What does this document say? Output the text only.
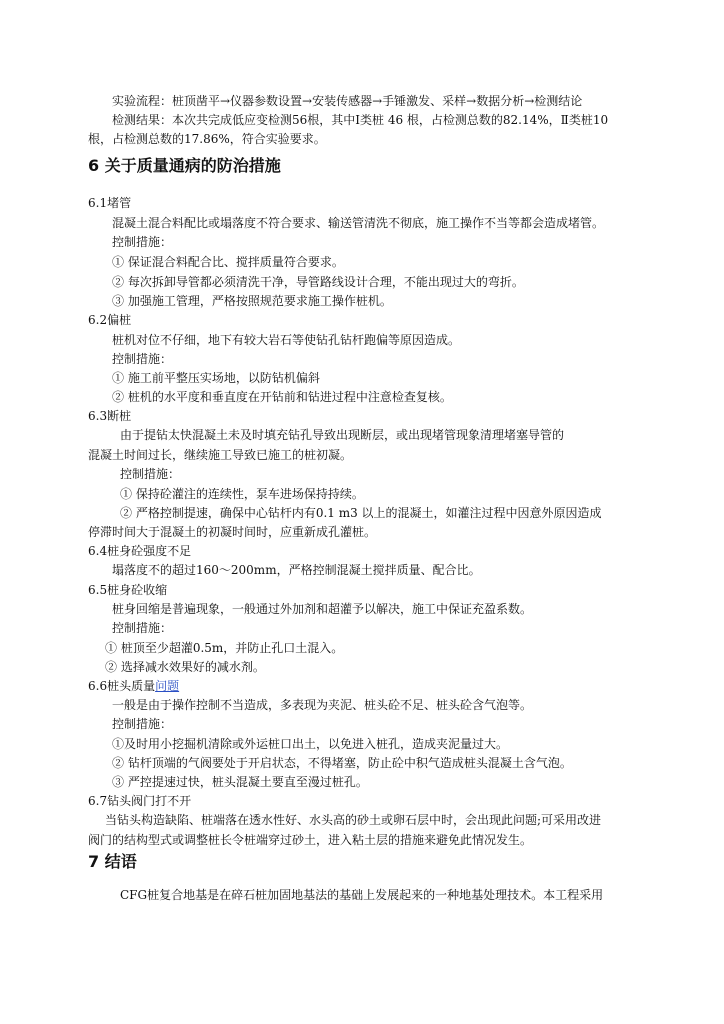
实验流程：桩顶凿平→仪器参数设置→安装传感器→手锤激发、采样→数据分析→检测结论
检测结果：本次共完成低应变检测56根，其中Ⅰ类桩 46 根，占检测总数的82.14%，Ⅱ类桩10
根，占检测总数的17.86%，符合实验要求。
6 关于质量通病的防治措施
6.1堵管
混凝土混合料配比或塌落度不符合要求、输送管清洗不彻底，施工操作不当等都会造成堵管。
控制措施：
① 保证混合料配合比、搅拌质量符合要求。
② 每次拆卸导管都必须清洗干净，导管路线设计合理，不能出现过大的弯折。
③ 加强施工管理，严格按照规范要求施工操作桩机。
6.2偏桩
桩机对位不仔细，地下有较大岩石等使钻孔钻杆跑偏等原因造成。
控制措施：
① 施工前平整压实场地，以防钻机偏斜
② 桩机的水平度和垂直度在开钻前和钻进过程中注意检查复核。
6.3断桩
由于提钻太快混凝土未及时填充钻孔导致出现断层，或出现堵管现象清理堵塞导管的
混凝土时间过长，继续施工导致已施工的桩初凝。
控制措施：
① 保持砼灌注的连续性，泵车进场保持持续。
② 严格控制提速，确保中心钻杆内有0.1 m3 以上的混凝土，如灌注过程中因意外原因造成
停滞时间大于混凝土的初凝时间时，应重新成孔灌桩。
6.4桩身砼强度不足
塌落度不的超过160～200mm，严格控制混凝土搅拌质量、配合比。
6.5桩身砼收缩
桩身回缩是普遍现象，一般通过外加剂和超灌予以解决，施工中保证充盈系数。
控制措施：
① 桩顶至少超灌0.5m，并防止孔口土混入。
② 选择减水效果好的减水剂。
6.6桩头质量问题
一般是由于操作控制不当造成，多表现为夹泥、桩头砼不足、桩头砼含气泡等。
控制措施：
①及时用小挖掘机清除或外运桩口出土，以免进入桩孔，造成夹泥量过大。
② 钻杆顶端的气阀要处于开启状态，不得堵塞，防止砼中积气造成桩头混凝土含气泡。
③ 严控提速过快，桩头混凝土要直至漫过桩孔。
6.7钻头阀门打不开
当钻头构造缺陷、桩端落在透水性好、水头高的砂土或卵石层中时，会出现此问题;可采用改进
阀门的结构型式或调整桩长令桩端穿过砂土，进入粘土层的措施来避免此情况发生。
7 结语
CFG桩复合地基是在碎石桩加固地基法的基础上发展起来的一种地基处理技术。本工程采用
